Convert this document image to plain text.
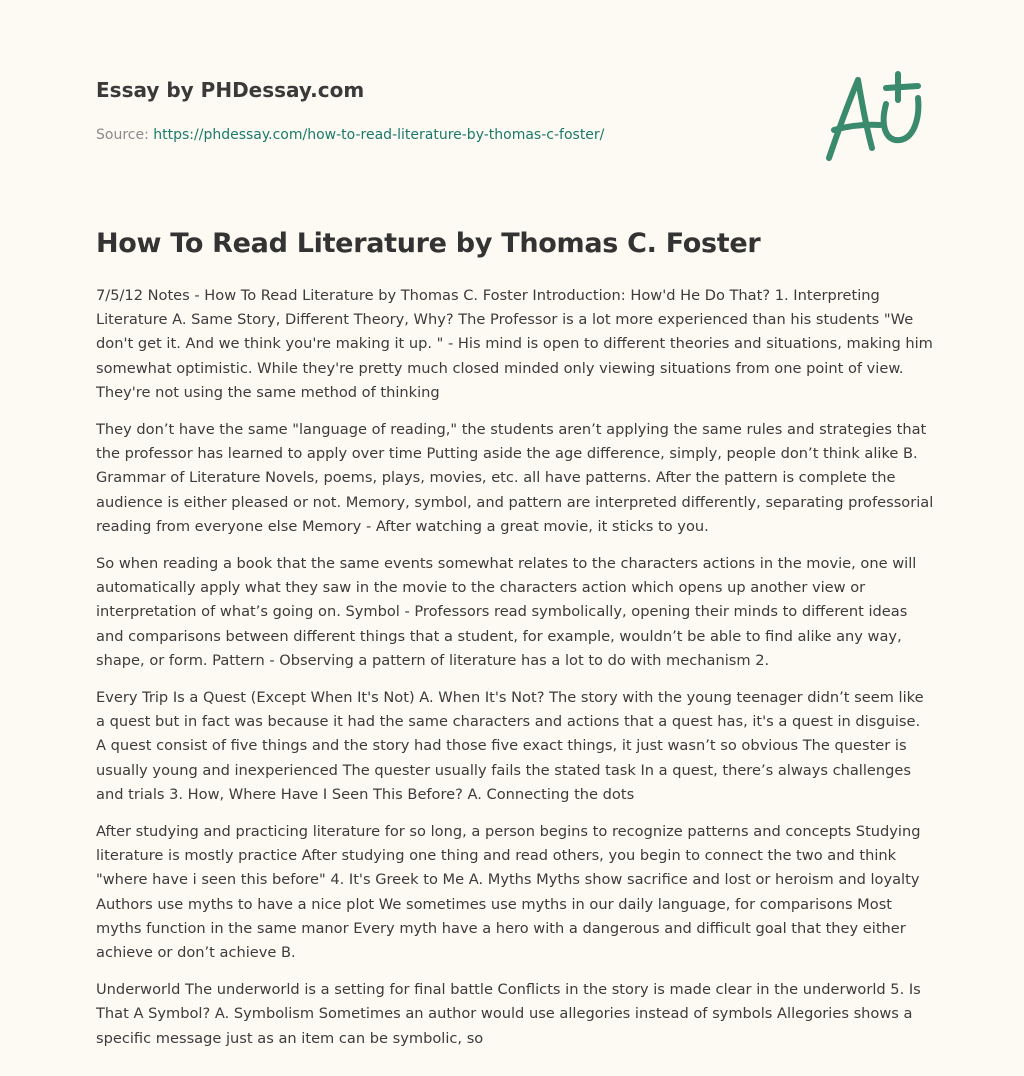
Essay by PHDessay.com
Source: https://phdessay.com/how-to-read-literature-by-thomas-c-foster/
How To Read Literature by Thomas C. Foster

7/5/12 Notes - How To Read Literature by Thomas C. Foster Introduction: How'd He Do That? 1. Interpreting Literature A. Same Story, Different Theory, Why? The Professor is a lot more experienced than his students "We don't get it. And we think you're making it up. " - His mind is open to different theories and situations, making him somewhat optimistic. While they're pretty much closed minded only viewing situations from one point of view. They're not using the same method of thinking

They don’t have the same "language of reading," the students aren’t applying the same rules and strategies that the professor has learned to apply over time Putting aside the age difference, simply, people don’t think alike B. Grammar of Literature Novels, poems, plays, movies, etc. all have patterns. After the pattern is complete the audience is either pleased or not. Memory, symbol, and pattern are interpreted differently, separating professorial reading from everyone else Memory - After watching a great movie, it sticks to you.

So when reading a book that the same events somewhat relates to the characters actions in the movie, one will automatically apply what they saw in the movie to the characters action which opens up another view or interpretation of what’s going on. Symbol - Professors read symbolically, opening their minds to different ideas and comparisons between different things that a student, for example, wouldn’t be able to find alike any way, shape, or form. Pattern - Observing a pattern of literature has a lot to do with mechanism 2.

Every Trip Is a Quest (Except When It's Not) A. When It's Not? The story with the young teenager didn’t seem like a quest but in fact was because it had the same characters and actions that a quest has, it's a quest in disguise. A quest consist of five things and the story had those five exact things, it just wasn’t so obvious The quester is usually young and inexperienced The quester usually fails the stated task In a quest, there’s always challenges and trials 3. How, Where Have I Seen This Before? A. Connecting the dots

After studying and practicing literature for so long, a person begins to recognize patterns and concepts Studying literature is mostly practice After studying one thing and read others, you begin to connect the two and think "where have i seen this before" 4. It's Greek to Me A. Myths Myths show sacrifice and lost or heroism and loyalty Authors use myths to have a nice plot We sometimes use myths in our daily language, for comparisons Most myths function in the same manor Every myth have a hero with a dangerous and difficult goal that they either achieve or don’t achieve B.

Underworld The underworld is a setting for final battle Conflicts in the story is made clear in the underworld 5. Is That A Symbol? A. Symbolism Sometimes an author would use allegories instead of symbols Allegories shows a specific message just as an item can be symbolic, so
